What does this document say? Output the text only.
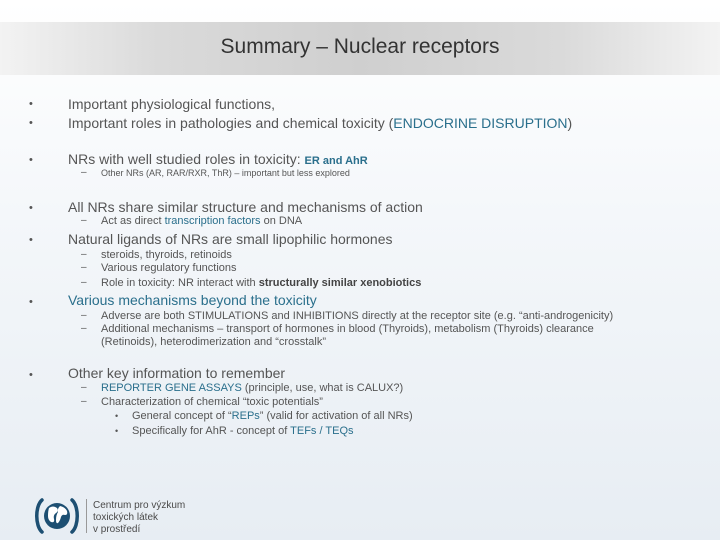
Summary – Nuclear receptors
•	Important physiological functions,
•	Important roles in pathologies and chemical toxicity (ENDOCRINE DISRUPTION)
•	NRs with well studied roles in toxicity: ER and AhR
– Other NRs (AR, RAR/RXR, ThR) – important but less explored
•	All NRs share similar structure and mechanisms of action
– Act as direct transcription factors on DNA
•	Natural ligands of NRs are small lipophilic hormones
– steroids, thyroids, retinoids
– Various regulatory functions
– Role in toxicity: NR interact with structurally similar xenobiotics
•	Various mechanisms beyond the toxicity
– Adverse are both STIMULATIONS and INHIBITIONS directly at the receptor site (e.g. “anti-androgenicity)
– Additional mechanisms – transport of hormones in blood (Thyroids), metabolism (Thyroids) clearance
(Retinoids), heterodimerization and “crosstalk”
•	Other key information to remember
– REPORTER GENE ASSAYS (principle, use, what is CALUX?)
– Characterization of chemical “toxic potentials”
• General concept of “REPs” (valid for activation of all NRs)
• Specifically for AhR - concept of TEFs / TEQs
Centrum pro výzkum
toxických látek
v prostředí
